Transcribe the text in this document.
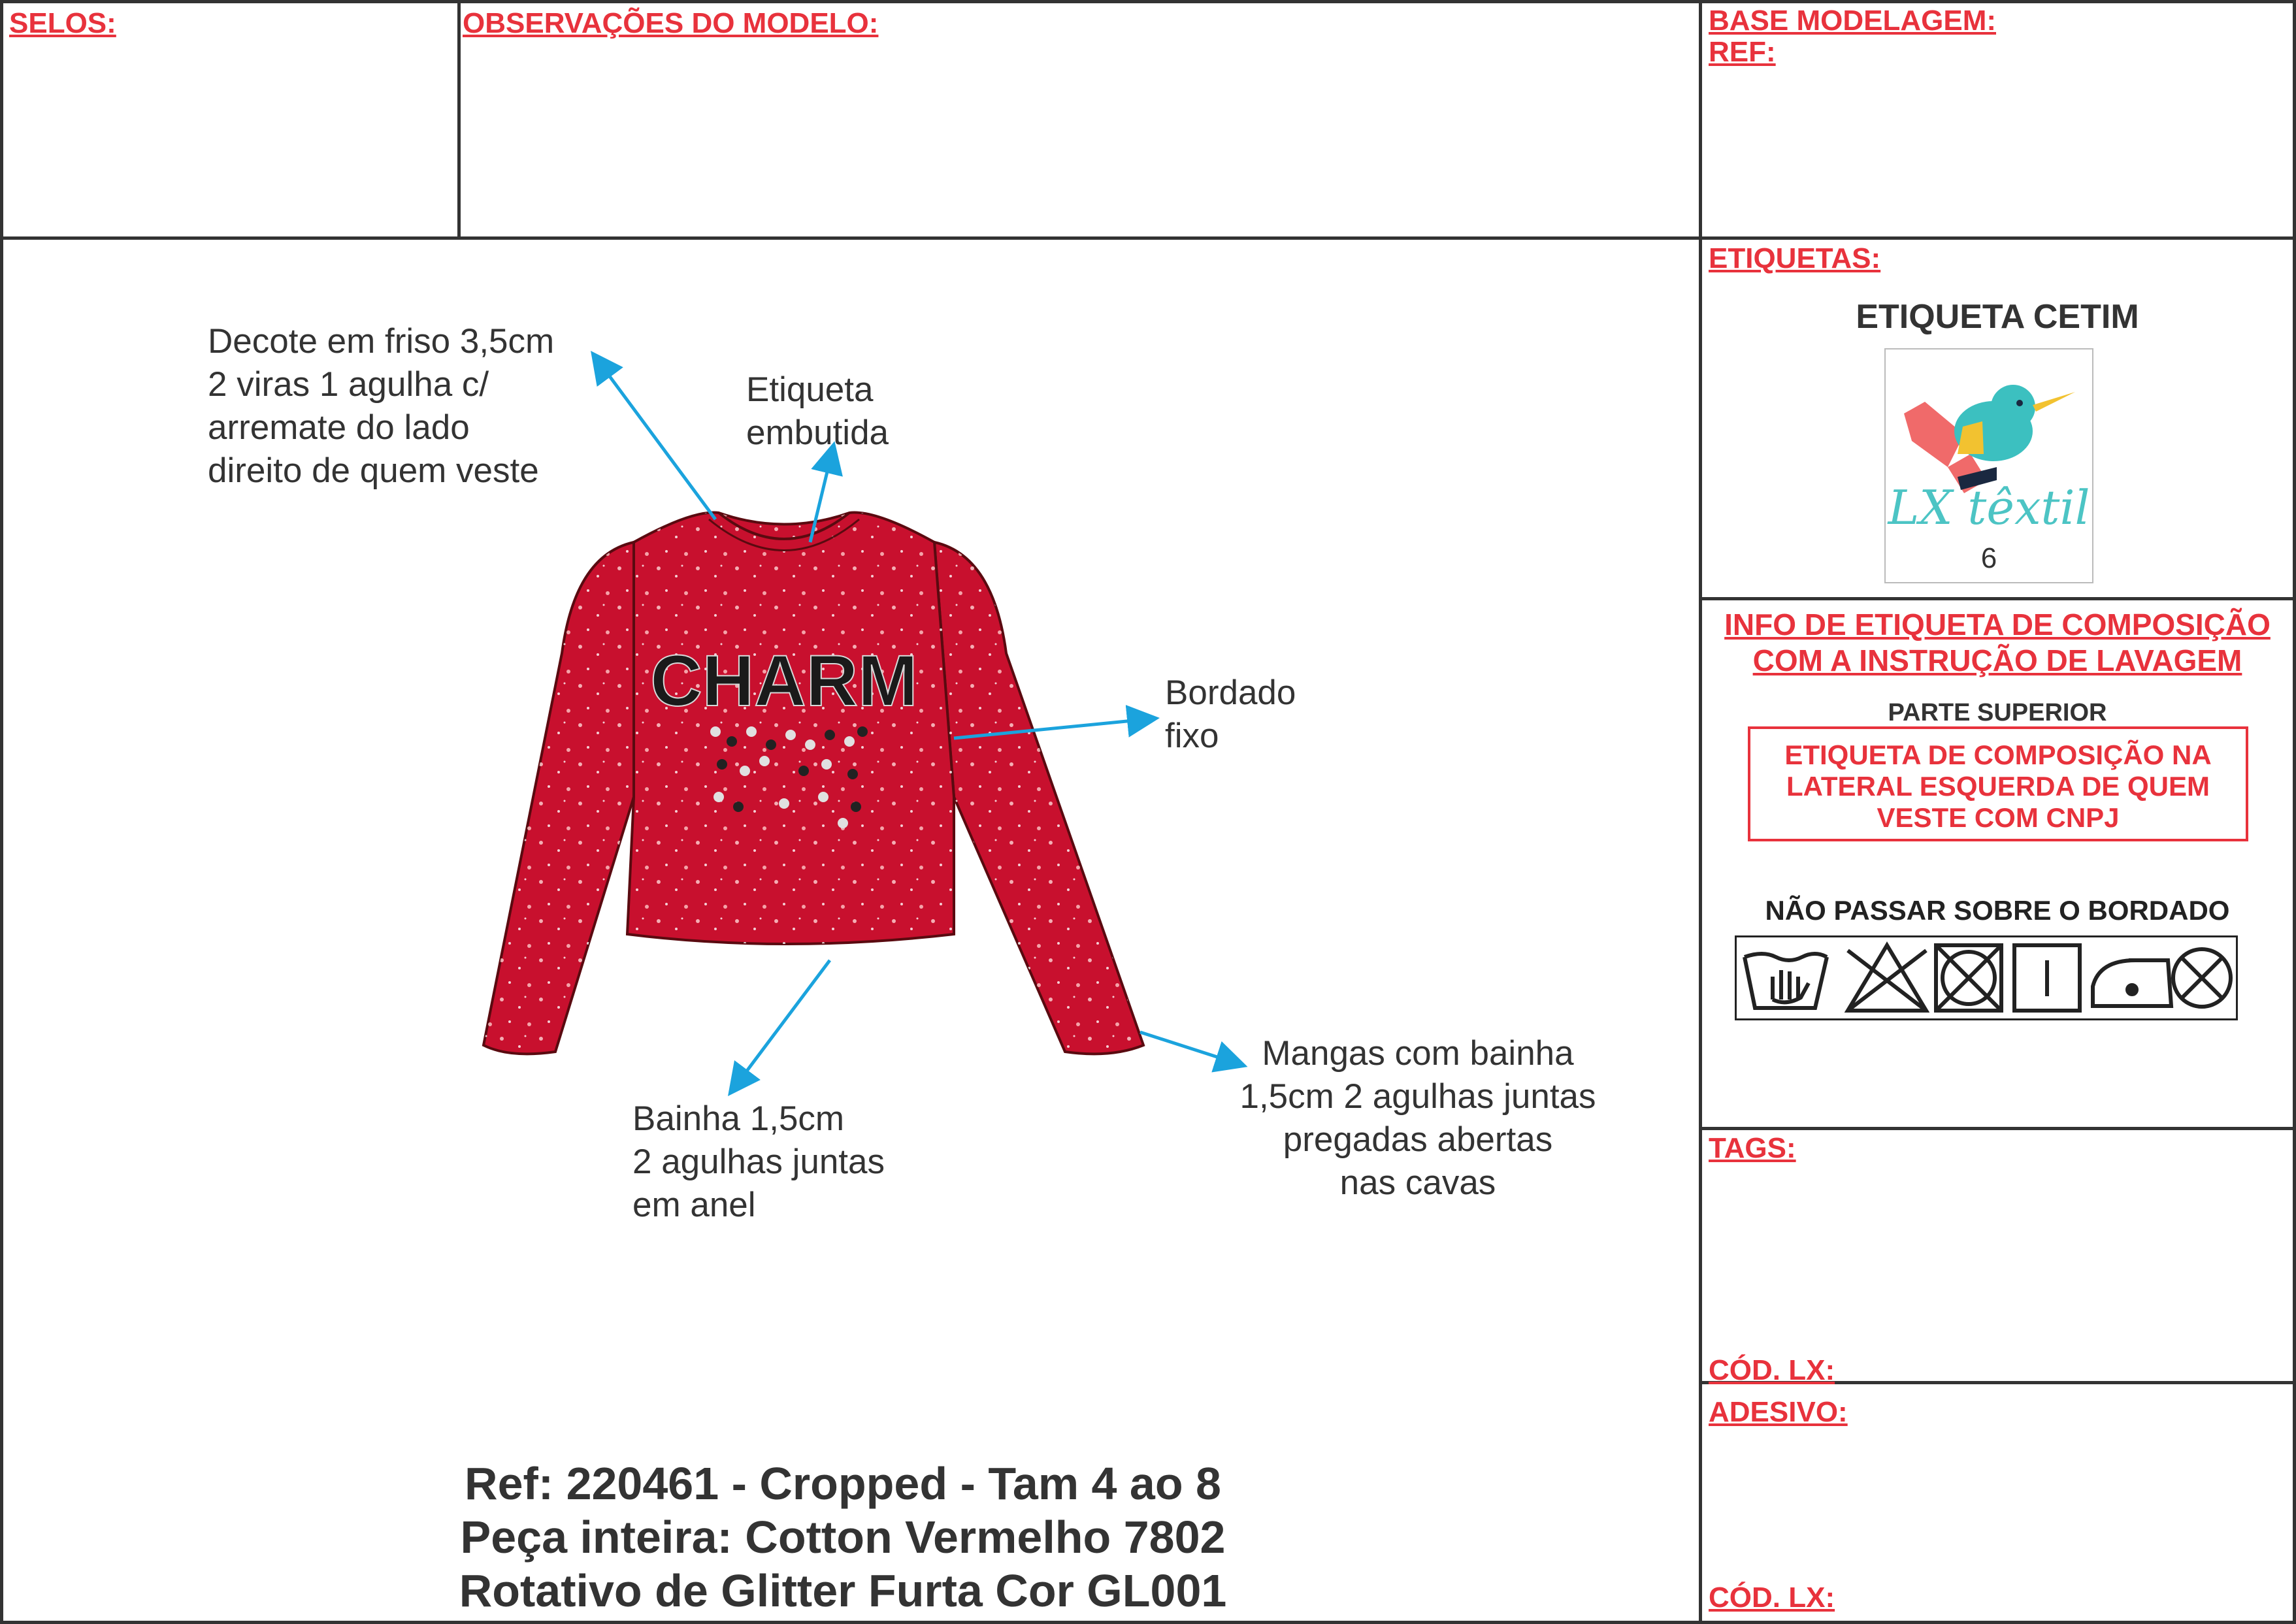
SELOS:	OBSERVAÇÕES DO MODELO:	BASE MODELAGEM:
REF:
ETIQUETAS:
ETIQUETA CETIM
LX têxtil
6
INFO DE ETIQUETA DE COMPOSIÇÃO
COM A INSTRUÇÃO DE LAVAGEM
PARTE SUPERIOR
ETIQUETA DE COMPOSIÇÃO NA
LATERAL ESQUERDA DE QUEM
VESTE COM CNPJ
NÃO PASSAR SOBRE O BORDADO
TAGS:
CÓD. LX:
ADESIVO:
CÓD. LX:
CHARM
Decote em friso 3,5cm
2 viras 1 agulha c/
arremate do lado
direito de quem veste
Etiqueta
embutida
Bordado
fixo
Mangas com bainha
1,5cm 2 agulhas juntas
pregadas abertas
nas cavas
Bainha 1,5cm
2 agulhas juntas
em anel
Ref: 220461 - Cropped - Tam 4 ao 8
Peça inteira: Cotton Vermelho 7802
Rotativo de Glitter Furta Cor GL001
